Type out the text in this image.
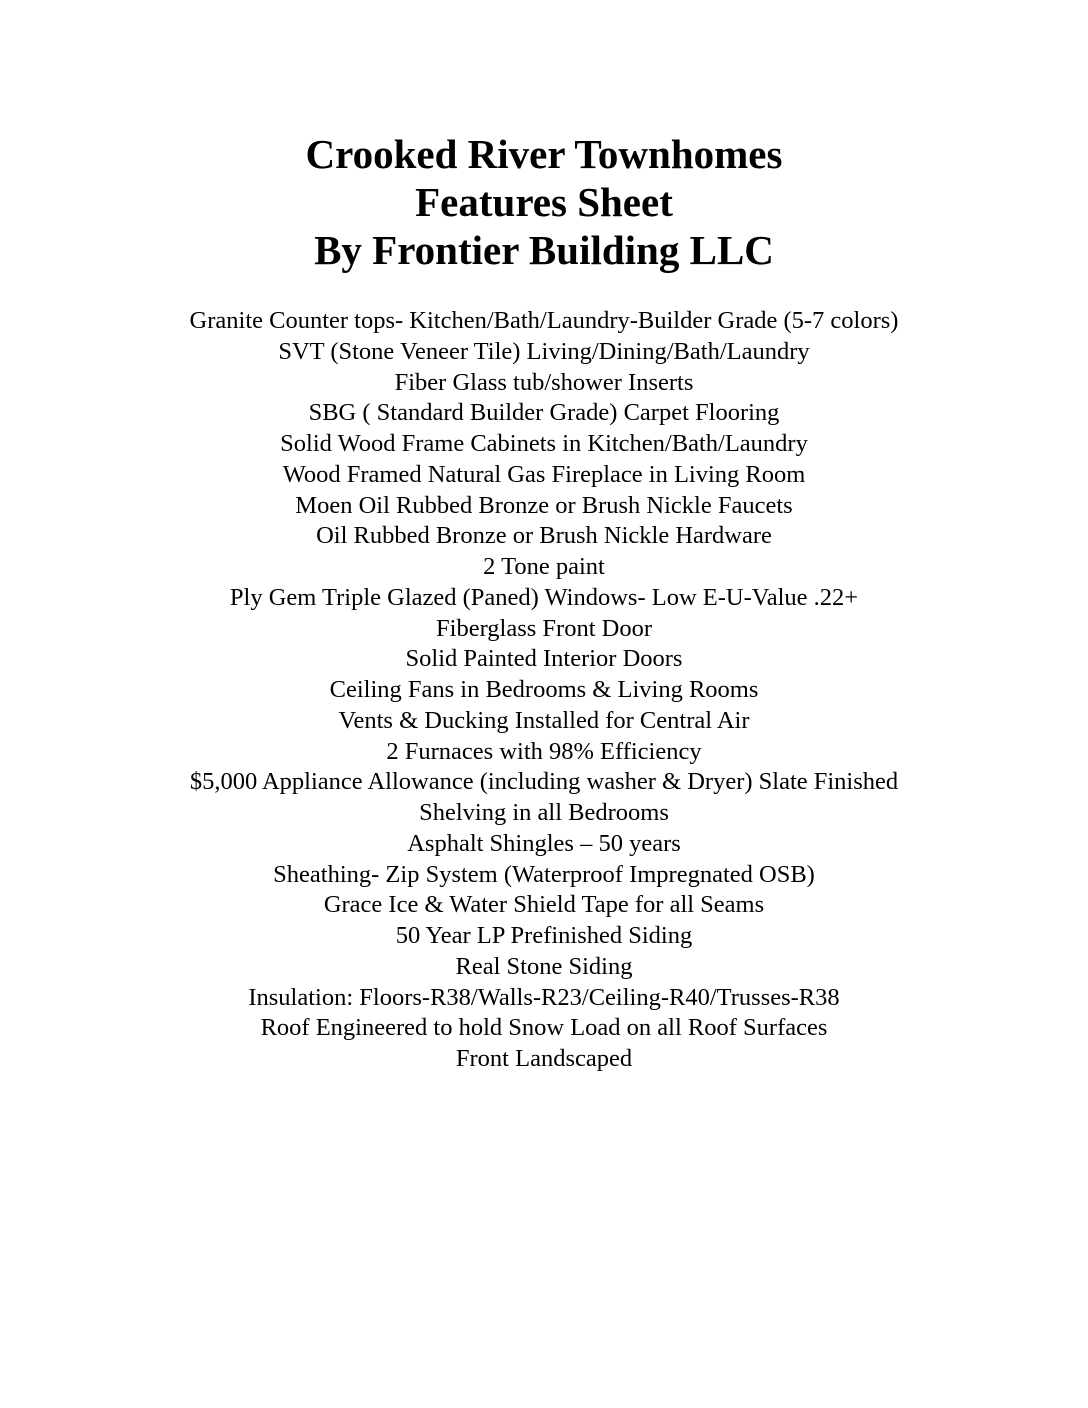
Crooked River Townhomes
Features Sheet
By Frontier Building LLC
Granite Counter tops- Kitchen/Bath/Laundry-Builder Grade (5-7 colors)
SVT (Stone Veneer Tile) Living/Dining/Bath/Laundry
Fiber Glass tub/shower Inserts
SBG ( Standard Builder Grade) Carpet Flooring
Solid Wood Frame Cabinets in Kitchen/Bath/Laundry
Wood Framed Natural Gas Fireplace in Living Room
Moen Oil Rubbed Bronze or Brush Nickle Faucets
Oil Rubbed Bronze or Brush Nickle Hardware
2 Tone paint
Ply Gem Triple Glazed (Paned) Windows- Low E-U-Value .22+
Fiberglass Front Door
Solid Painted Interior Doors
Ceiling Fans in Bedrooms & Living Rooms
Vents & Ducking Installed for Central Air
2 Furnaces with 98% Efficiency
$5,000 Appliance Allowance (including washer & Dryer) Slate Finished
Shelving in all Bedrooms
Asphalt Shingles – 50 years
Sheathing- Zip System (Waterproof Impregnated OSB)
Grace Ice & Water Shield Tape for all Seams
50 Year LP Prefinished Siding
Real Stone Siding
Insulation: Floors-R38/Walls-R23/Ceiling-R40/Trusses-R38
Roof Engineered to hold Snow Load on all Roof Surfaces
Front Landscaped
